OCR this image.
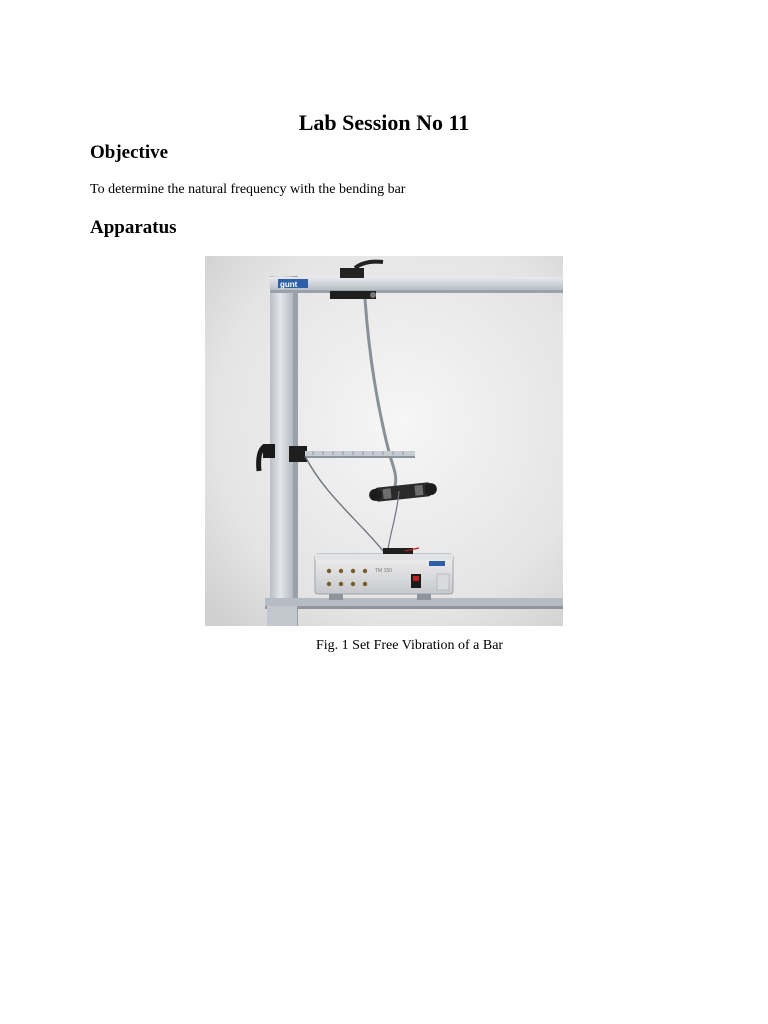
Lab Session No 11
Objective
To determine the natural frequency with the bending bar
Apparatus
gunt
TM 150
Fig. 1 Set Free Vibration of a Bar
